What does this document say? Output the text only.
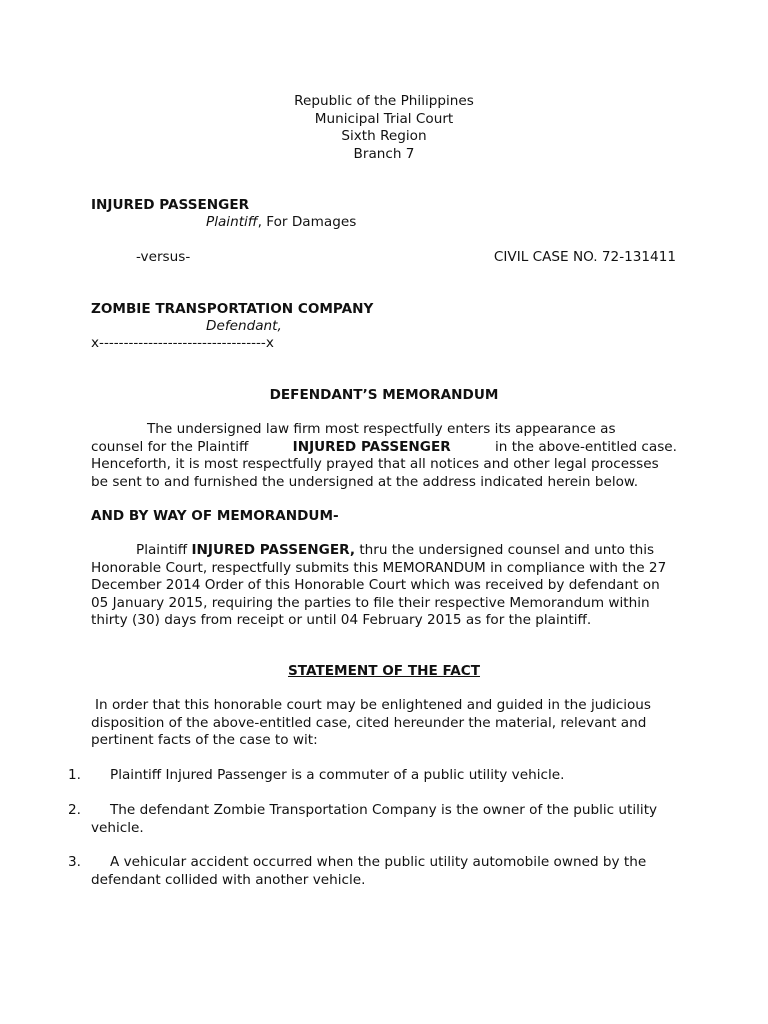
Republic of the Philippines
Municipal Trial Court
Sixth Region
Branch 7
INJURED PASSENGER
Plaintiff, For Damages
-versus-	CIVIL CASE NO. 72-131411
ZOMBIE TRANSPORTATION COMPANY
Defendant,
x----------------------------------x
DEFENDANT’S MEMORANDUM
The undersigned law firm most respectfully enters its appearance as
counsel for the Plaintiff	INJURED PASSENGER	in the above-entitled case.
Henceforth, it is most respectfully prayed that all notices and other legal processes
be sent to and furnished the undersigned at the address indicated herein below.
AND BY WAY OF MEMORANDUM-
Plaintiff INJURED PASSENGER, thru the undersigned counsel and unto this
Honorable Court, respectfully submits this MEMORANDUM in compliance with the 27
December 2014 Order of this Honorable Court which was received by defendant on
05 January 2015, requiring the parties to file their respective Memorandum within
thirty (30) days from receipt or until 04 February 2015 as for the plaintiff.
STATEMENT OF THE FACT
In order that this honorable court may be enlightened and guided in the judicious
disposition of the above-entitled case, cited hereunder the material, relevant and
pertinent facts of the case to wit:
1.	Plaintiff Injured Passenger is a commuter of a public utility vehicle.
2.	The defendant Zombie Transportation Company is the owner of the public utility
vehicle.
3.	A vehicular accident occurred when the public utility automobile owned by the
defendant collided with another vehicle.
